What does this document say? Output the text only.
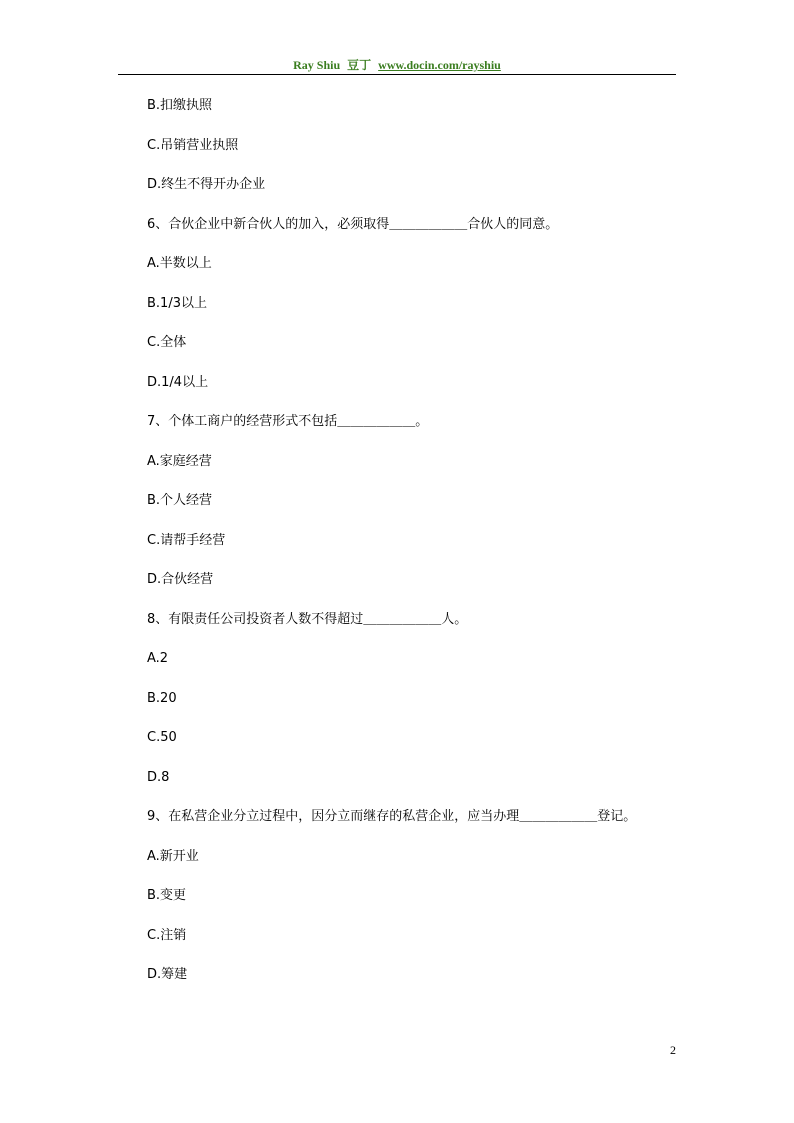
Ray Shiu 豆丁 www.docin.com/rayshiu
B.扣缴执照
C.吊销营业执照
D.终生不得开办企业
6、合伙企业中新合伙人的加入，必须取得＿＿＿＿＿＿合伙人的同意。
A.半数以上
B.1/3以上
C.全体
D.1/4以上
7、个体工商户的经营形式不包括＿＿＿＿＿＿。
A.家庭经营
B.个人经营
C.请帮手经营
D.合伙经营
8、有限责任公司投资者人数不得超过＿＿＿＿＿＿人。
A.2
B.20
C.50
D.8
9、在私营企业分立过程中，因分立而继存的私营企业，应当办理＿＿＿＿＿＿登记。
A.新开业
B.变更
C.注销
D.筹建
2
